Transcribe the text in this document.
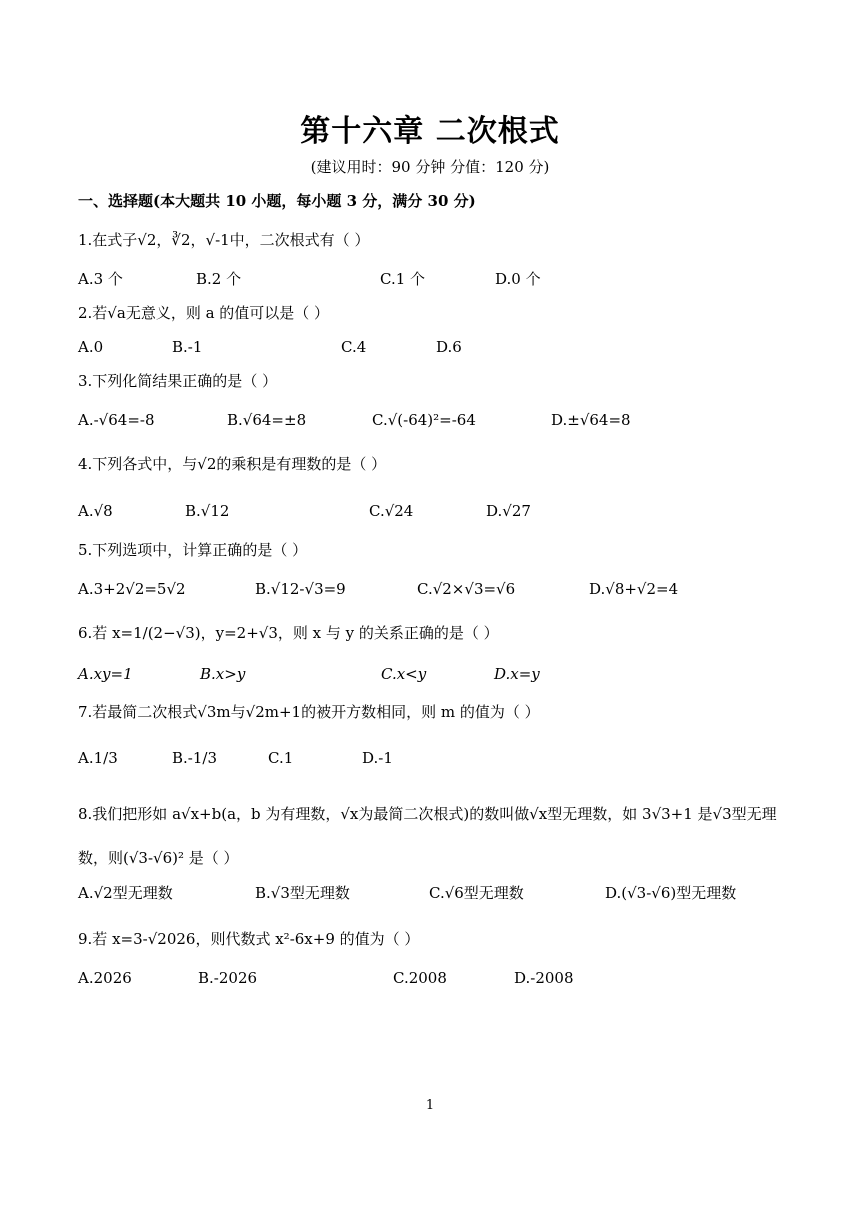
第十六章 二次根式
(建议用时：90 分钟 分值：120 分)
一、选择题(本大题共 10 小题，每小题 3 分，满分 30 分)
1.在式子√2，∛2，√-1中，二次根式有（ ）
A.3 个	B.2 个	C.1 个	D.0 个
2.若√a无意义，则 a 的值可以是（ ）
A.0	B.-1	C.4	D.6
3.下列化简结果正确的是（ ）
A.-√64=-8	B.√64=±8	C.√(-64)²=-64	D.±√64=8
4.下列各式中，与√2的乘积是有理数的是（ ）
A.√8	B.√12	C.√24	D.√27
5.下列选项中，计算正确的是（ ）
A.3+2√2=5√2	B.√12-√3=9	C.√2×√3=√6	D.√8+√2=4
6.若 x=1/(2−√3)，y=2+√3，则 x 与 y 的关系正确的是（ ）
A.xy=1	B.x>y	C.x<y	D.x=y
7.若最简二次根式√3m与√2m+1的被开方数相同，则 m 的值为（ ）
A.1/3	B.-1/3	C.1	D.-1
8.我们把形如 a√x+b(a，b 为有理数，√x为最简二次根式)的数叫做√x型无理数，如 3√3+1 是√3型无理数，则(√3-√6)² 是（ ）
A.√2型无理数	B.√3型无理数	C.√6型无理数	D.(√3-√6)型无理数
9.若 x=3-√2026，则代数式 x²-6x+9 的值为（ ）
A.2026	B.-2026	C.2008	D.-2008
1
